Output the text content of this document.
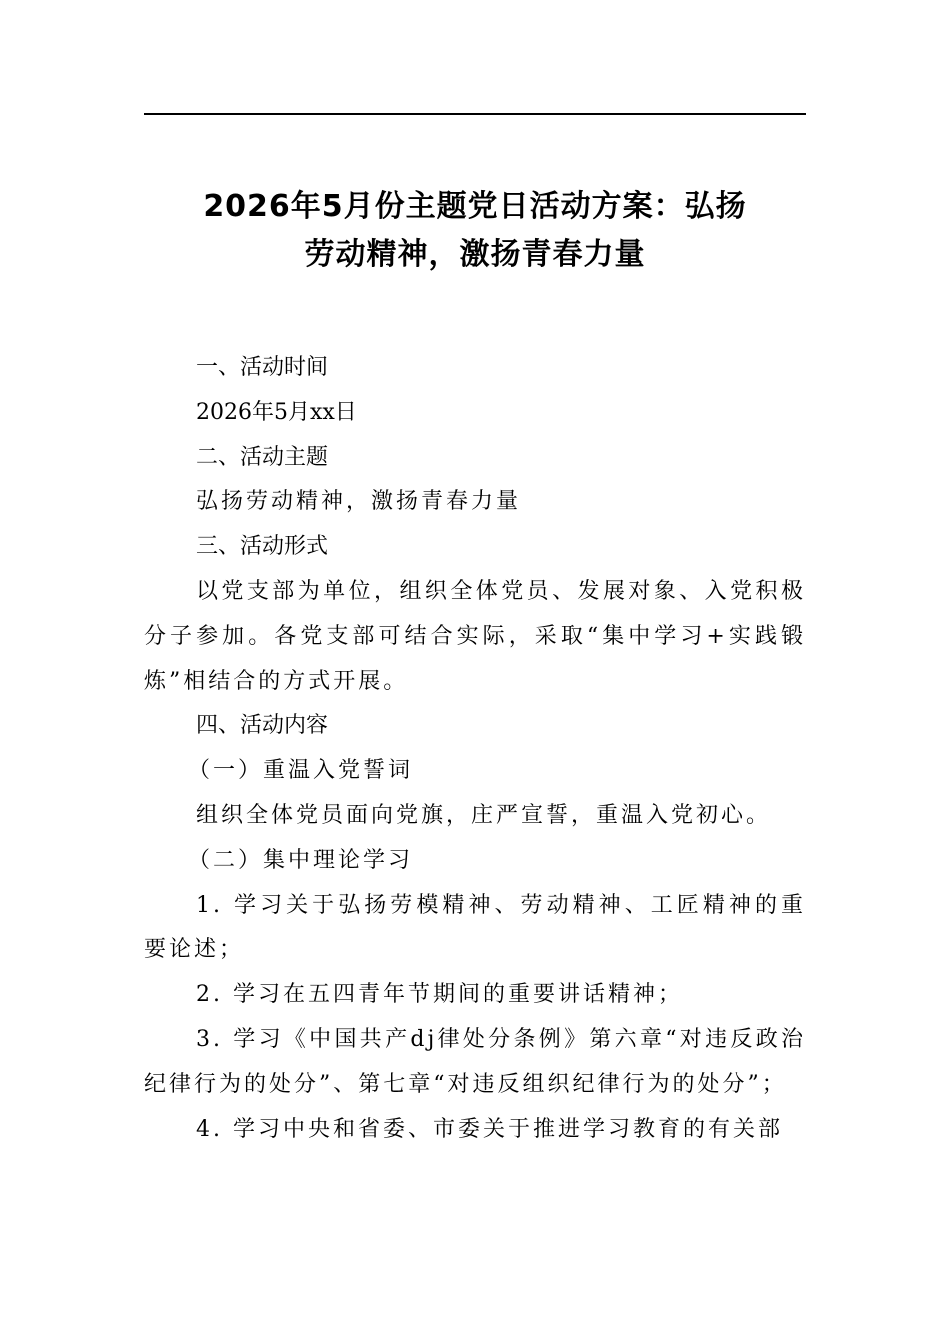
2026年5月份主题党日活动方案：弘扬
劳动精神，激扬青春力量

一、活动时间

2026年5月xx日

二、活动主题

弘扬劳动精神，激扬青春力量

三、活动形式

以党支部为单位，组织全体党员、发展对象、入党积极分子参加。各党支部可结合实际，采取“集中学习+实践锻炼”相结合的方式开展。

四、活动内容

（一）重温入党誓词

组织全体党员面向党旗，庄严宣誓，重温入党初心。

（二）集中理论学习

1. 学习关于弘扬劳模精神、劳动精神、工匠精神的重要论述；

2. 学习在五四青年节期间的重要讲话精神；

3. 学习《中国共产dj律处分条例》第六章“对违反政治纪律行为的处分”、第七章“对违反组织纪律行为的处分”；

4. 学习中央和省委、市委关于推进学习教育的有关部
